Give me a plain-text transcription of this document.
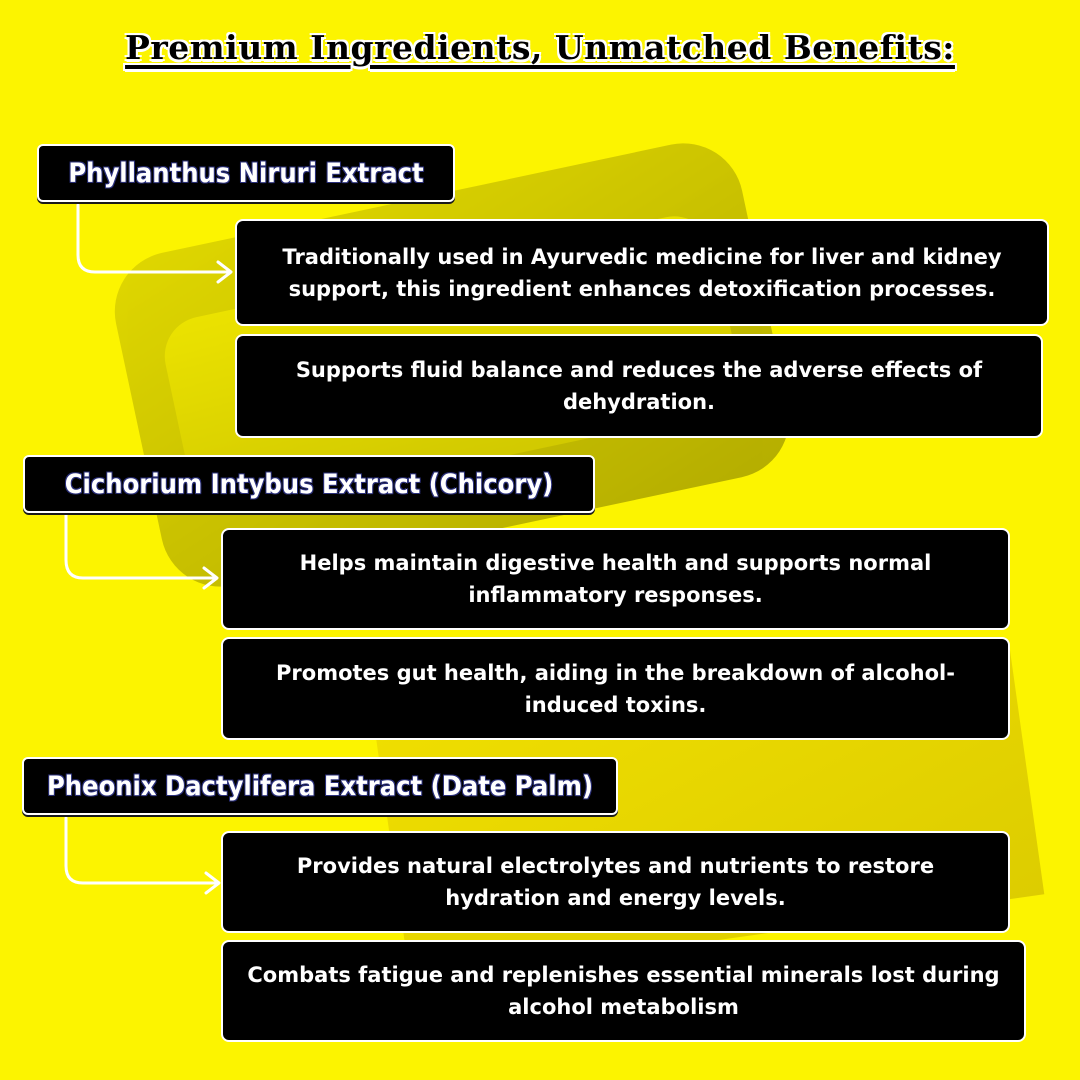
Premium Ingredients, Unmatched Benefits:
Phyllanthus Niruri Extract
Traditionally used in Ayurvedic medicine for liver and kidney support, this ingredient enhances detoxification processes.
Supports fluid balance and reduces the adverse effects of dehydration.
Cichorium Intybus Extract (Chicory)
Helps maintain digestive health and supports normal inflammatory responses.
Promotes gut health, aiding in the breakdown of alcohol-induced toxins.
Pheonix Dactylifera Extract (Date Palm)
Provides natural electrolytes and nutrients to restore hydration and energy levels.
Combats fatigue and replenishes essential minerals lost during alcohol metabolism
